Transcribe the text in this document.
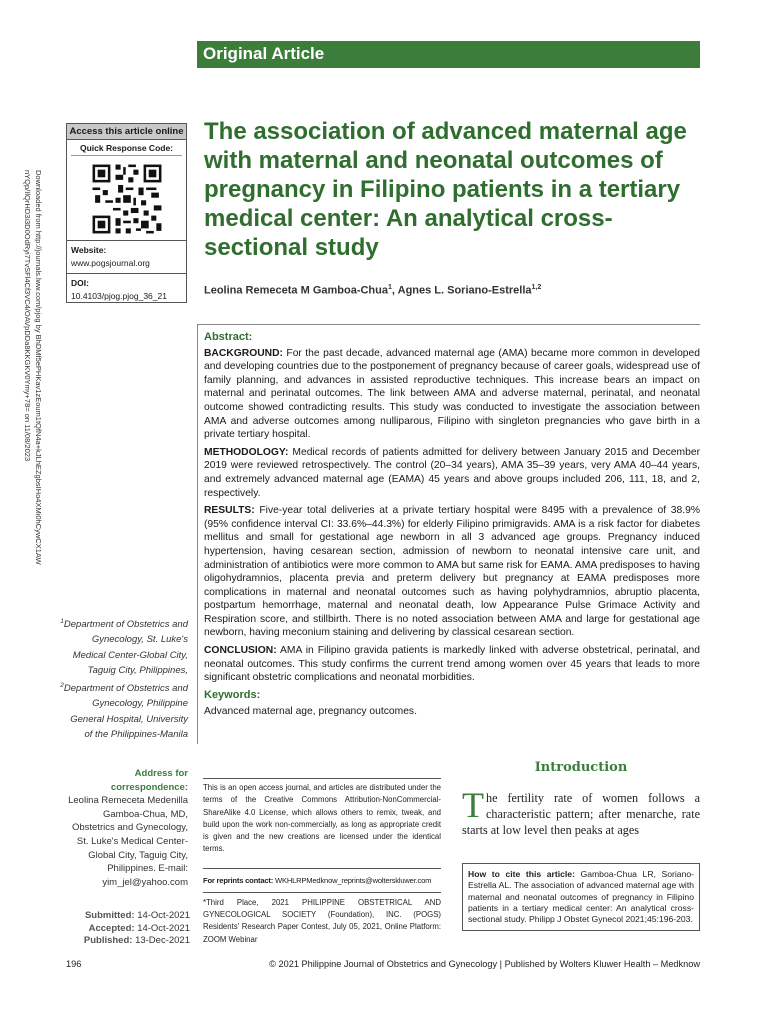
Original Article
Downloaded from http://journals.lww.com/pjog by BhDMf5ePHKav1zEoum1tQfN4a+kJLhEZgbsIHo4XMi0hCywCX1AW nYQp/IlQrHD3i3D0OdRyi7TvSFl4Cf3VC4/OAVpDDa8KKGKV0Ymy+78= on 11/08/2023
Access this article online
Quick Response Code:
Website:
www.pogsjournal.org
DOI:
10.4103/pjog.pjog_36_21
The association of advanced maternal age with maternal and neonatal outcomes of pregnancy in Filipino patients in a tertiary medical center: An analytical cross-sectional study
Leolina Remeceta M Gamboa-Chua$^1$, Agnes L. Soriano-Estrella$^{1,2}$
Abstract:

BACKGROUND: For the past decade, advanced maternal age (AMA) became more common in developed and developing countries due to the postponement of pregnancy because of career goals, widespread use of family planning, and advances in assisted reproductive techniques. This increase bears an impact on maternal and perinatal outcomes. The link between AMA and adverse maternal, perinatal, and neonatal outcome showed contradicting results. This study was conducted to investigate the association between AMA and adverse outcomes among nulliparous, Filipino with singleton pregnancies who gave birth in a private tertiary hospital.

METHODOLOGY: Medical records of patients admitted for delivery between January 2015 and December 2019 were reviewed retrospectively. The control (20–34 years), AMA 35–39 years, very AMA 40–44 years, and extremely advanced maternal age (EAMA) 45 years and above groups included 206, 111, 18, and 2, respectively.

RESULTS: Five-year total deliveries at a private tertiary hospital were 8495 with a prevalence of 38.9% (95% confidence interval CI: 33.6%–44.3%) for elderly Filipino primigravids. AMA is a risk factor for diabetes mellitus and small for gestational age newborn in all 3 advanced age groups. Pregnancy induced hypertension, having cesarean section, admission of newborn to neonatal intensive care unit, and administration of antibiotics were more common to AMA but same risk for EAMA. AMA predisposes to having oligohydramnios, placenta previa and preterm delivery but pregnancy at EAMA predisposes more complications in maternal and neonatal outcomes such as having polyhydramnios, abruptio placenta, postpartum hemorrhage, maternal and neonatal death, low Appearance Pulse Grimace Activity and Respiration score, and stillbirth. There is no noted association between AMA and large for gestational age newborn, having meconium staining and delivering by classical cesarean section.

CONCLUSION: AMA in Filipino gravida patients is markedly linked with adverse obstetrical, perinatal, and neonatal outcomes. This study confirms the current trend among women over 45 years that leads to more significant obstetric complications and neonatal morbidities.

Keywords:

Advanced maternal age, pregnancy outcomes.

$^1$Department of Obstetrics and Gynecology, St. Luke's Medical Center-Global City, Taguig City, Philippines, $^2$Department of Obstetrics and Gynecology, Philippine General Hospital, University of the Philippines-Manila
Address for correspondence:
Leolina Remeceta Medenilla Gamboa-Chua, MD, Obstetrics and Gynecology, St. Luke's Medical Center-Global City, Taguig City, Philippines. E-mail: yim_jel@yahoo.com
Submitted: 14-Oct-2021
Accepted: 14-Oct-2021
Published: 13-Dec-2021
This is an open access journal, and articles are distributed under the terms of the Creative Commons Attribution-NonCommercial-ShareAlike 4.0 License, which allows others to remix, tweak, and build upon the work non-commercially, as long as appropriate credit is given and the new creations are licensed under the identical terms.
For reprints contact: WKHLRPMedknow_reprints@wolterskluwer.com
*Third Place, 2021 PHILIPPINE OBSTETRICAL AND GYNECOLOGICAL SOCIETY (Foundation), INC. (POGS) Residents' Research Paper Contest, July 05, 2021, Online Platform: ZOOM Webinar
Introduction

The fertility rate of women follows a characteristic pattern; after menarche, rate starts at low level then peaks at ages

How to cite this article: Gamboa-Chua LR, Soriano-Estrella AL. The association of advanced maternal age with maternal and neonatal outcomes of pregnancy in Filipino patients in a tertiary medical center: An analytical cross-sectional study. Philipp J Obstet Gynecol 2021;45:196-203.
196	© 2021 Philippine Journal of Obstetrics and Gynecology | Published by Wolters Kluwer Health – Medknow
